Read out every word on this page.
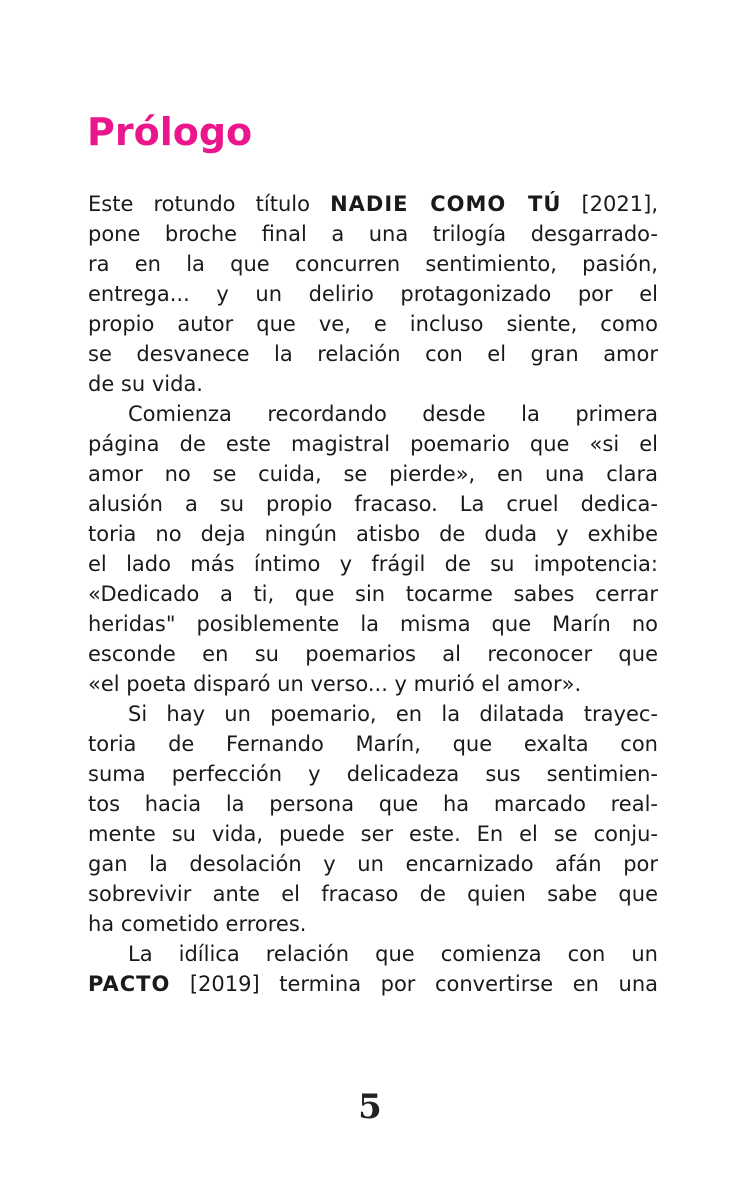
Prólogo
Este rotundo título NADIE COMO TÚ [2021],
pone broche final a una trilogía desgarrado-
ra en la que concurren sentimiento, pasión,
entrega... y un delirio protagonizado por el
propio autor que ve, e incluso siente, como
se desvanece la relación con el gran amor
de su vida.
Comienza recordando desde la primera
página de este magistral poemario que «si el
amor no se cuida, se pierde», en una clara
alusión a su propio fracaso. La cruel dedica-
toria no deja ningún atisbo de duda y exhibe
el lado más íntimo y frágil de su impotencia:
«Dedicado a ti, que sin tocarme sabes cerrar
heridas" posiblemente la misma que Marín no
esconde en su poemarios al reconocer que
«el poeta disparó un verso... y murió el amor».
Si hay un poemario, en la dilatada trayec-
toria de Fernando Marín, que exalta con
suma perfección y delicadeza sus sentimien-
tos hacia la persona que ha marcado real-
mente su vida, puede ser este. En el se conju-
gan la desolación y un encarnizado afán por
sobrevivir ante el fracaso de quien sabe que
ha cometido errores.
La idílica relación que comienza con un
PACTO [2019] termina por convertirse en una
5
